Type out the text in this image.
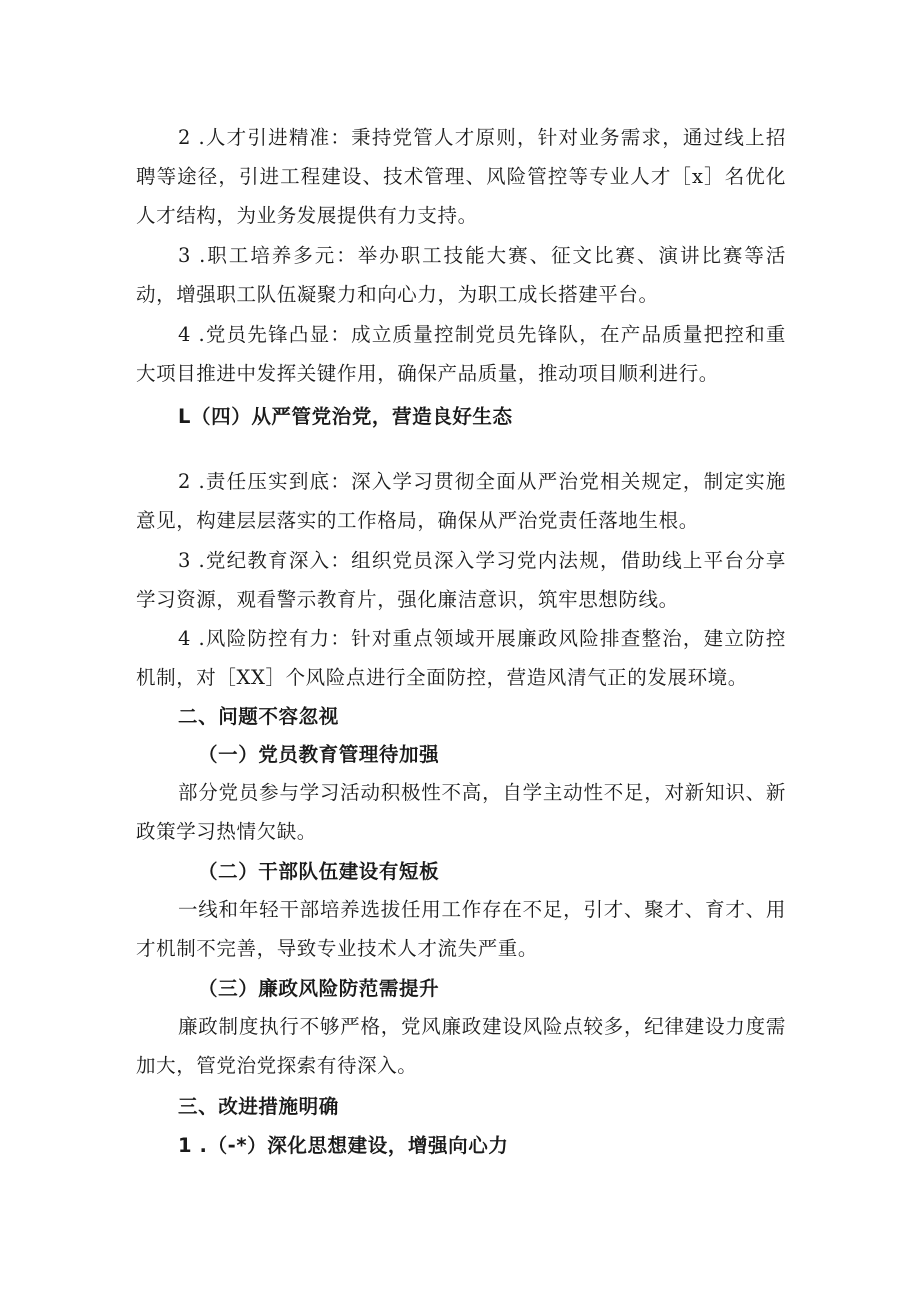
2 .人才引进精准：秉持党管人才原则，针对业务需求，通过线上招聘等途径，引进工程建设、技术管理、风险管控等专业人才［x］名优化人才结构，为业务发展提供有力支持。

3 .职工培养多元：举办职工技能大赛、征文比赛、演讲比赛等活动，增强职工队伍凝聚力和向心力，为职工成长搭建平台。

4 .党员先锋凸显：成立质量控制党员先锋队，在产品质量把控和重大项目推进中发挥关键作用，确保产品质量，推动项目顺利进行。

L（四）从严管党治党，营造良好生态

2 .责任压实到底：深入学习贯彻全面从严治党相关规定，制定实施意见，构建层层落实的工作格局，确保从严治党责任落地生根。

3 .党纪教育深入：组织党员深入学习党内法规，借助线上平台分享学习资源，观看警示教育片，强化廉洁意识，筑牢思想防线。

4 .风险防控有力：针对重点领域开展廉政风险排查整治，建立防控机制，对［XX］个风险点进行全面防控，营造风清气正的发展环境。

二、问题不容忽视

（一）党员教育管理待加强

部分党员参与学习活动积极性不高，自学主动性不足，对新知识、新政策学习热情欠缺。

（二）干部队伍建设有短板

一线和年轻干部培养选拔任用工作存在不足，引才、聚才、育才、用才机制不完善，导致专业技术人才流失严重。

（三）廉政风险防范需提升

廉政制度执行不够严格，党风廉政建设风险点较多，纪律建设力度需加大，管党治党探索有待深入。

三、改进措施明确

1 .（-*）深化思想建设，增强向心力
